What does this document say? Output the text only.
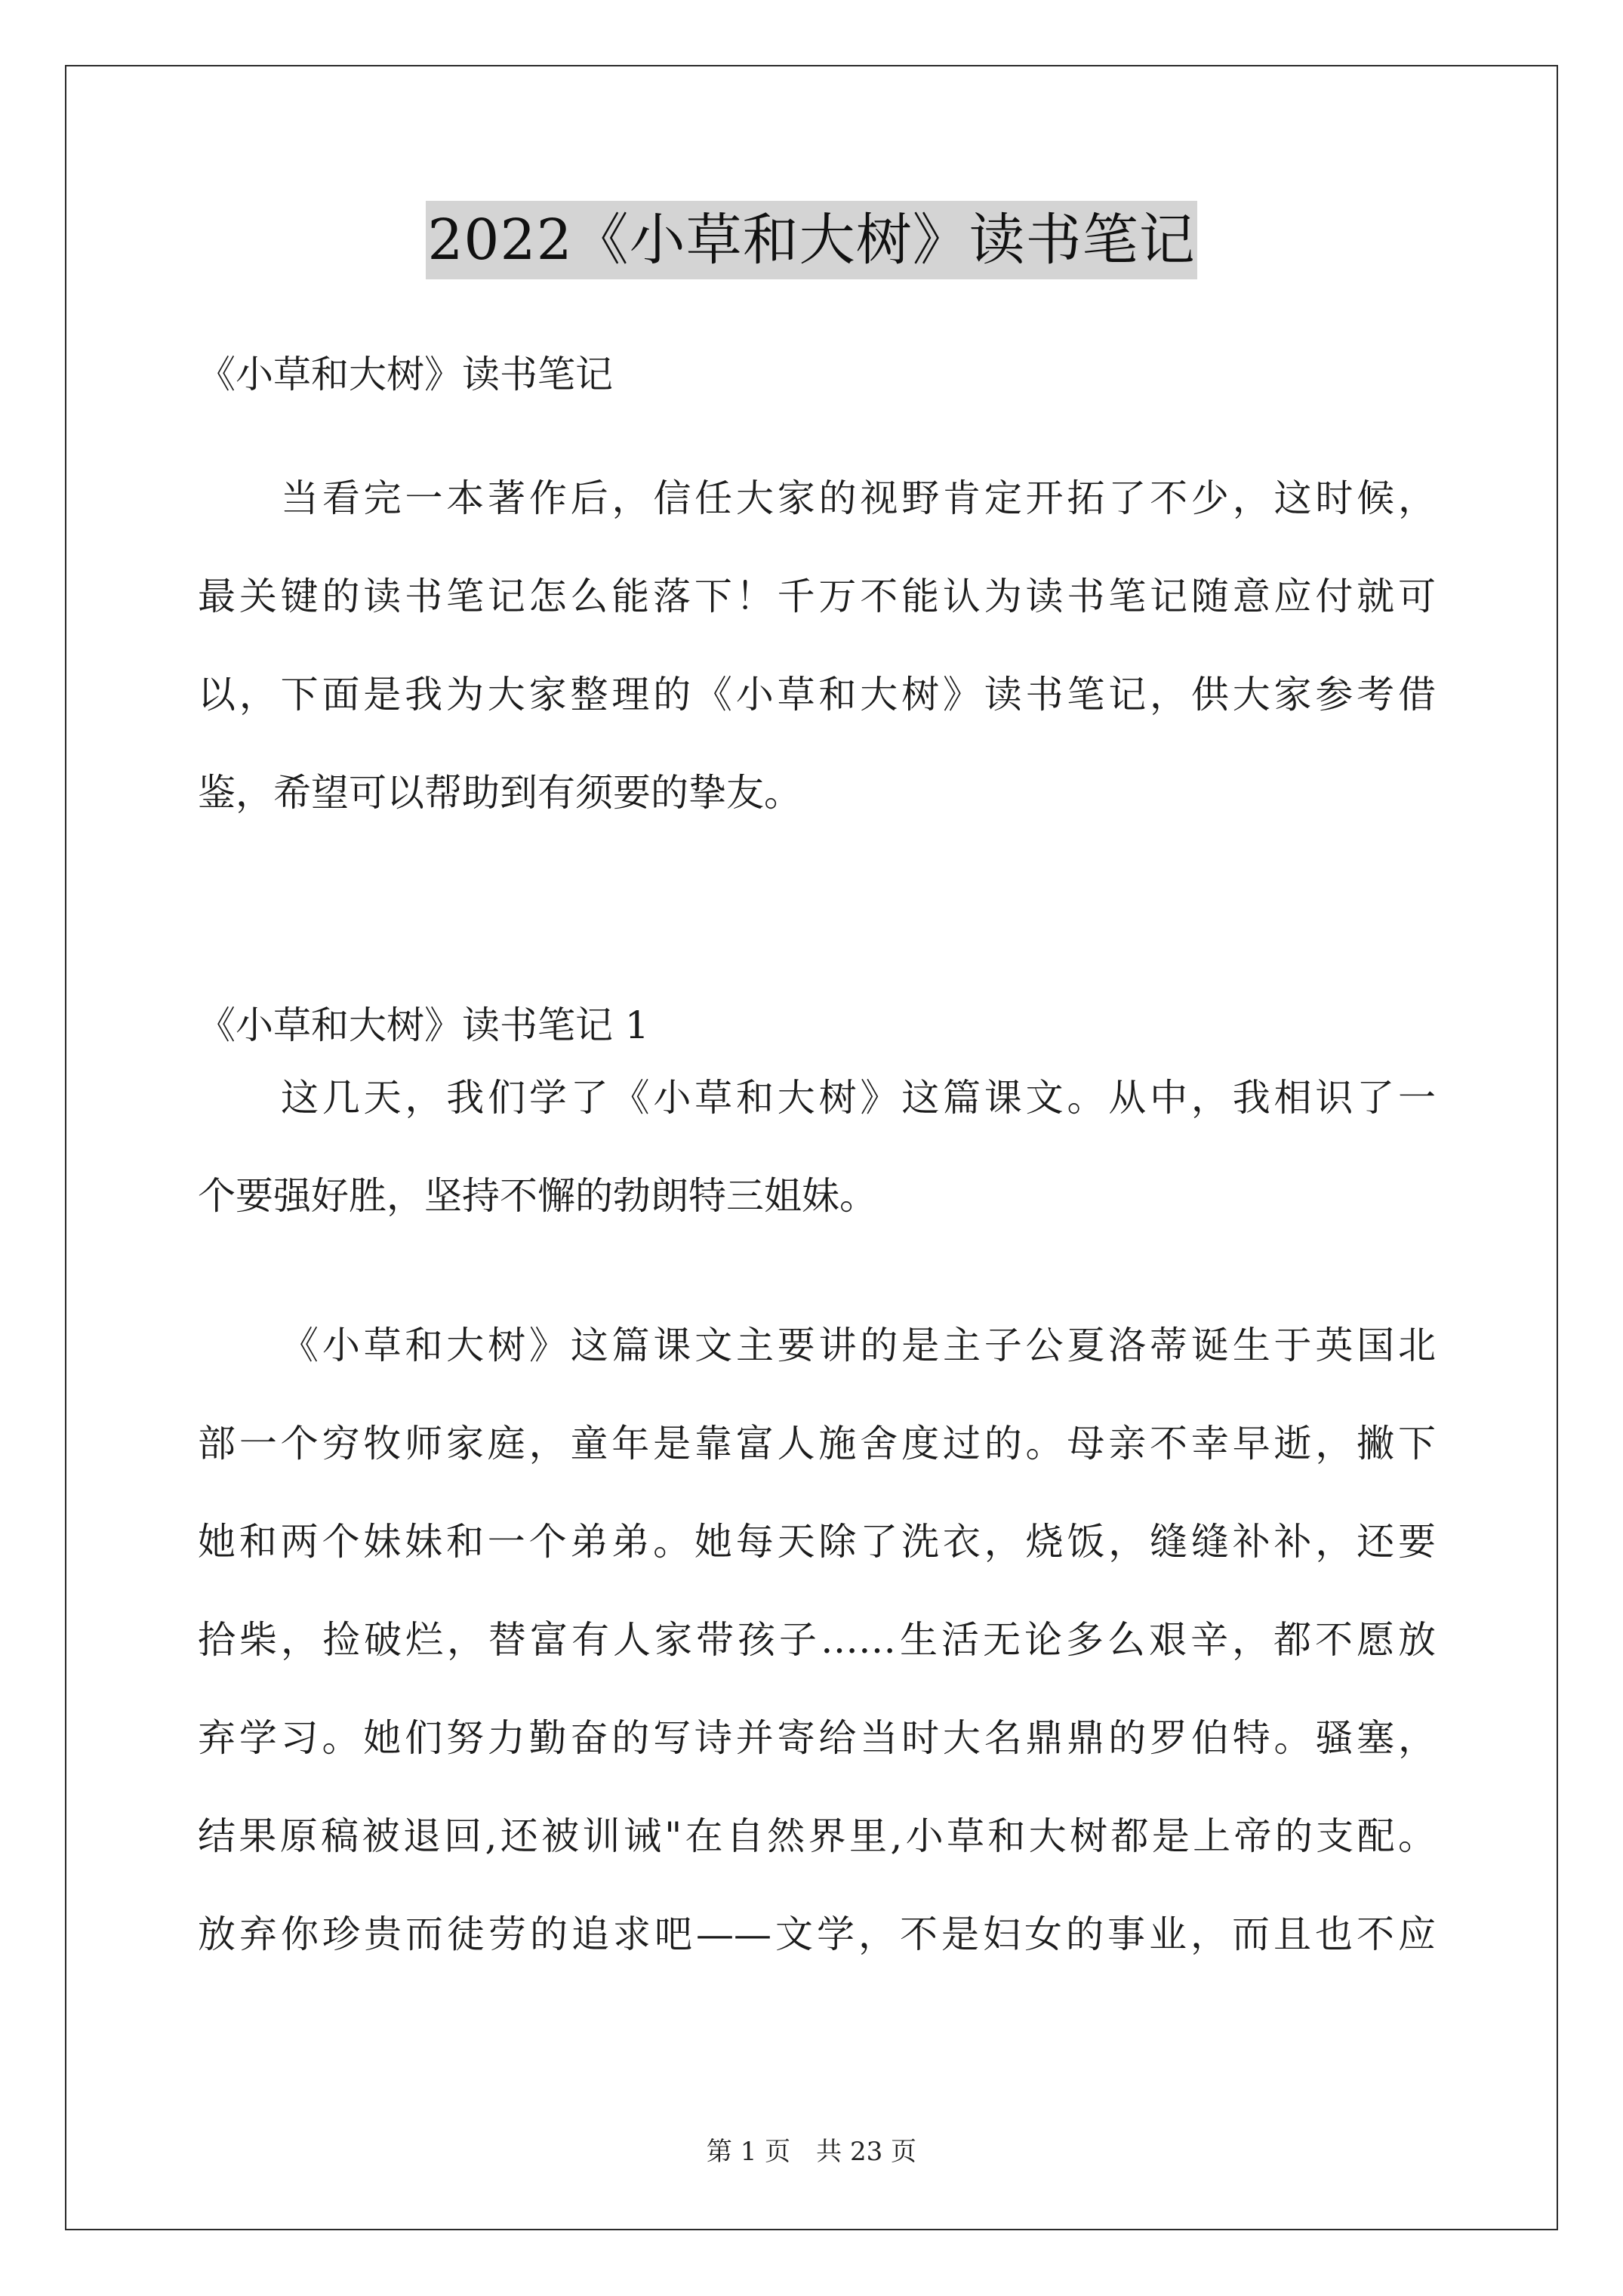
2022《小草和大树》读书笔记
《小草和大树》读书笔记
当看完一本著作后，信任大家的视野肯定开拓了不少，这时候，
最关键的读书笔记怎么能落下！千万不能认为读书笔记随意应付就可
以，下面是我为大家整理的《小草和大树》读书笔记，供大家参考借
鉴，希望可以帮助到有须要的挚友。
《小草和大树》读书笔记 1
这几天，我们学了《小草和大树》这篇课文。从中，我相识了一
个要强好胜，坚持不懈的勃朗特三姐妹。
《小草和大树》这篇课文主要讲的是主子公夏洛蒂诞生于英国北
部一个穷牧师家庭，童年是靠富人施舍度过的。母亲不幸早逝，撇下
她和两个妹妹和一个弟弟。她每天除了洗衣，烧饭，缝缝补补，还要
拾柴，捡破烂，替富有人家带孩子……生活无论多么艰辛，都不愿放
弃学习。她们努力勤奋的写诗并寄给当时大名鼎鼎的罗伯特。骚塞，
结果原稿被退回,还被训诫"在自然界里,小草和大树都是上帝的支配。
放弃你珍贵而徒劳的追求吧——文学，不是妇女的事业，而且也不应
第 1 页　共 23 页
